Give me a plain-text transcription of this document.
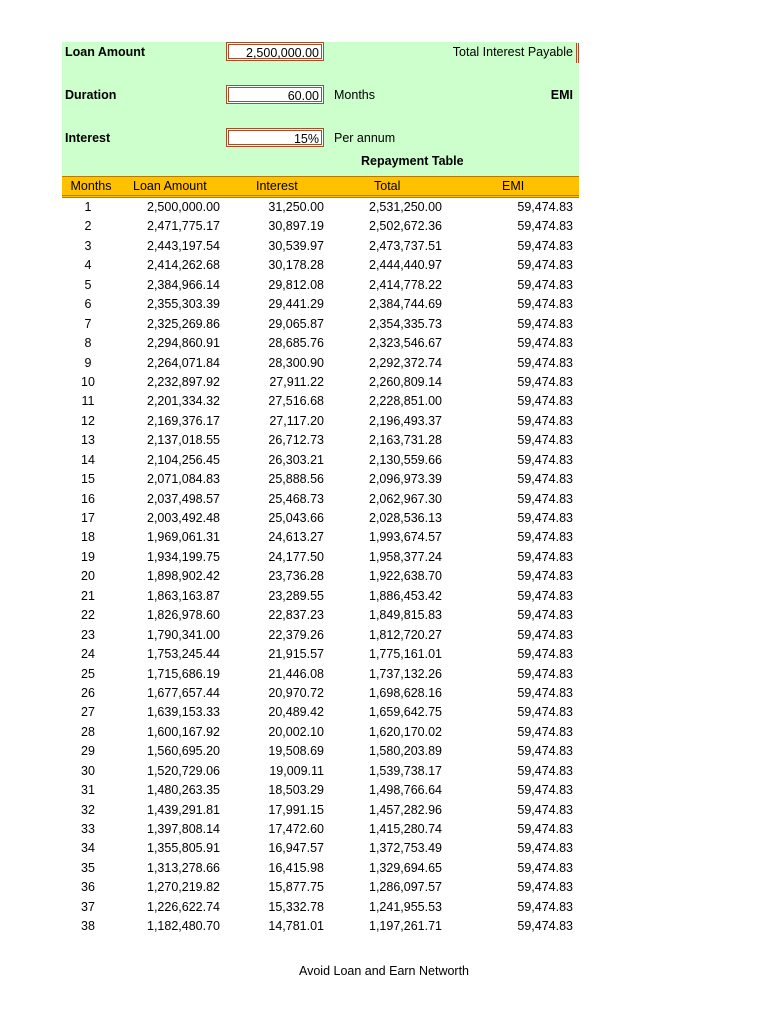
Loan Amount	2,500,000.00	Total Interest Payable
Duration	60.00	Months	EMI
Interest	15%	Per annum
Repayment Table
Months	Loan Amount	Interest	Total	EMI
1	2,500,000.00	31,250.00	2,531,250.00	59,474.83
2	2,471,775.17	30,897.19	2,502,672.36	59,474.83
3	2,443,197.54	30,539.97	2,473,737.51	59,474.83
4	2,414,262.68	30,178.28	2,444,440.97	59,474.83
5	2,384,966.14	29,812.08	2,414,778.22	59,474.83
6	2,355,303.39	29,441.29	2,384,744.69	59,474.83
7	2,325,269.86	29,065.87	2,354,335.73	59,474.83
8	2,294,860.91	28,685.76	2,323,546.67	59,474.83
9	2,264,071.84	28,300.90	2,292,372.74	59,474.83
10	2,232,897.92	27,911.22	2,260,809.14	59,474.83
11	2,201,334.32	27,516.68	2,228,851.00	59,474.83
12	2,169,376.17	27,117.20	2,196,493.37	59,474.83
13	2,137,018.55	26,712.73	2,163,731.28	59,474.83
14	2,104,256.45	26,303.21	2,130,559.66	59,474.83
15	2,071,084.83	25,888.56	2,096,973.39	59,474.83
16	2,037,498.57	25,468.73	2,062,967.30	59,474.83
17	2,003,492.48	25,043.66	2,028,536.13	59,474.83
18	1,969,061.31	24,613.27	1,993,674.57	59,474.83
19	1,934,199.75	24,177.50	1,958,377.24	59,474.83
20	1,898,902.42	23,736.28	1,922,638.70	59,474.83
21	1,863,163.87	23,289.55	1,886,453.42	59,474.83
22	1,826,978.60	22,837.23	1,849,815.83	59,474.83
23	1,790,341.00	22,379.26	1,812,720.27	59,474.83
24	1,753,245.44	21,915.57	1,775,161.01	59,474.83
25	1,715,686.19	21,446.08	1,737,132.26	59,474.83
26	1,677,657.44	20,970.72	1,698,628.16	59,474.83
27	1,639,153.33	20,489.42	1,659,642.75	59,474.83
28	1,600,167.92	20,002.10	1,620,170.02	59,474.83
29	1,560,695.20	19,508.69	1,580,203.89	59,474.83
30	1,520,729.06	19,009.11	1,539,738.17	59,474.83
31	1,480,263.35	18,503.29	1,498,766.64	59,474.83
32	1,439,291.81	17,991.15	1,457,282.96	59,474.83
33	1,397,808.14	17,472.60	1,415,280.74	59,474.83
34	1,355,805.91	16,947.57	1,372,753.49	59,474.83
35	1,313,278.66	16,415.98	1,329,694.65	59,474.83
36	1,270,219.82	15,877.75	1,286,097.57	59,474.83
37	1,226,622.74	15,332.78	1,241,955.53	59,474.83
38	1,182,480.70	14,781.01	1,197,261.71	59,474.83
Avoid Loan and Earn Networth
